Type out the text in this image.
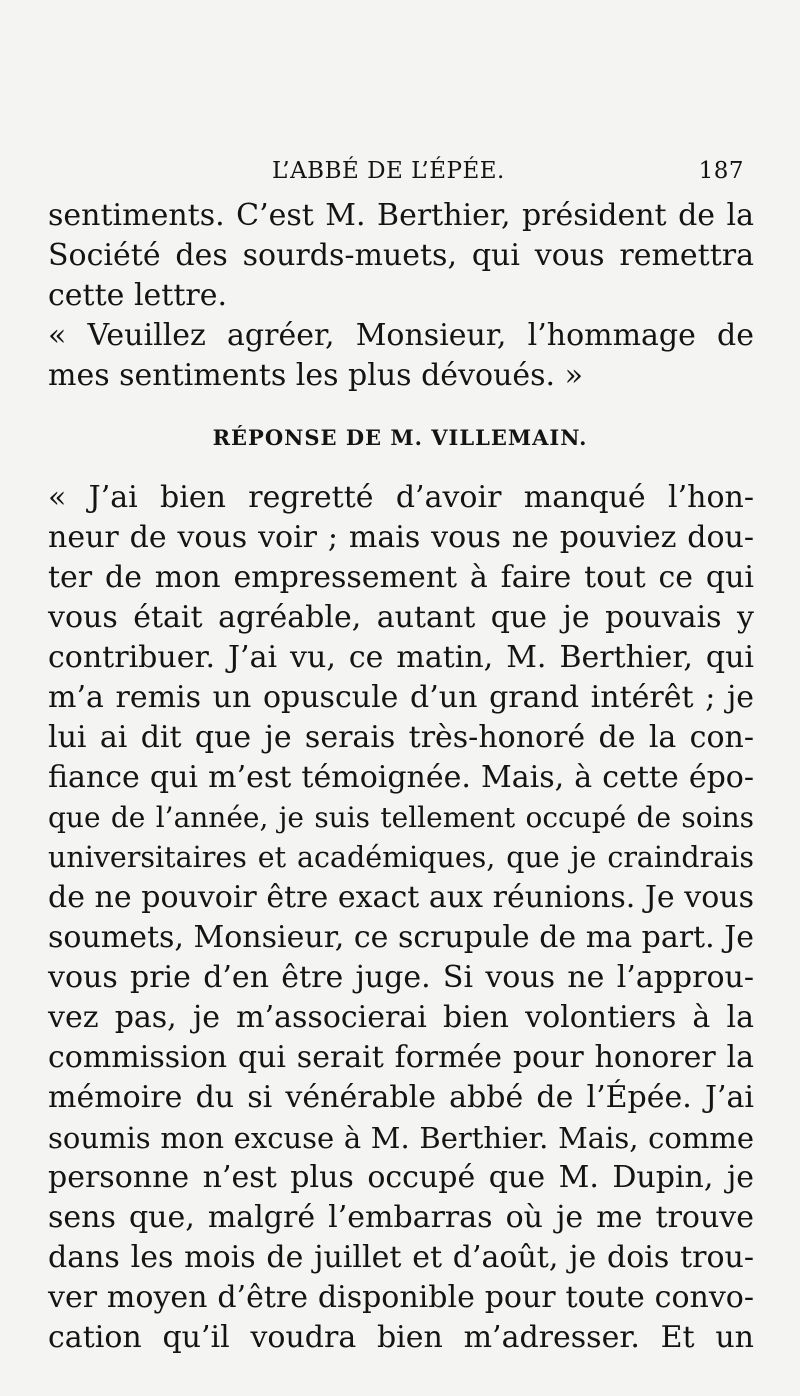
L’ABBÉ DE L’ÉPÉE.	187
sentiments. C’est M. Berthier, président de la
Société des sourds-muets, qui vous remettra
cette lettre.
« Veuillez agréer, Monsieur, l’hommage de
mes sentiments les plus dévoués. »
RÉPONSE DE M. VILLEMAIN.
« J’ai bien regretté d’avoir manqué l’hon-
neur de vous voir ; mais vous ne pouviez dou-
ter de mon empressement à faire tout ce qui
vous était agréable, autant que je pouvais y
contribuer. J’ai vu, ce matin, M. Berthier, qui
m’a remis un opuscule d’un grand intérêt ; je
lui ai dit que je serais très-honoré de la con-
fiance qui m’est témoignée. Mais, à cette épo-
que de l’année, je suis tellement occupé de soins
universitaires et académiques, que je craindrais
de ne pouvoir être exact aux réunions. Je vous
soumets, Monsieur, ce scrupule de ma part. Je
vous prie d’en être juge. Si vous ne l’approu-
vez pas, je m’associerai bien volontiers à la
commission qui serait formée pour honorer la
mémoire du si vénérable abbé de l’Épée. J’ai
soumis mon excuse à M. Berthier. Mais, comme
personne n’est plus occupé que M. Dupin, je
sens que, malgré l’embarras où je me trouve
dans les mois de juillet et d’août, je dois trou-
ver moyen d’être disponible pour toute convo-
cation qu’il voudra bien m’adresser. Et un
